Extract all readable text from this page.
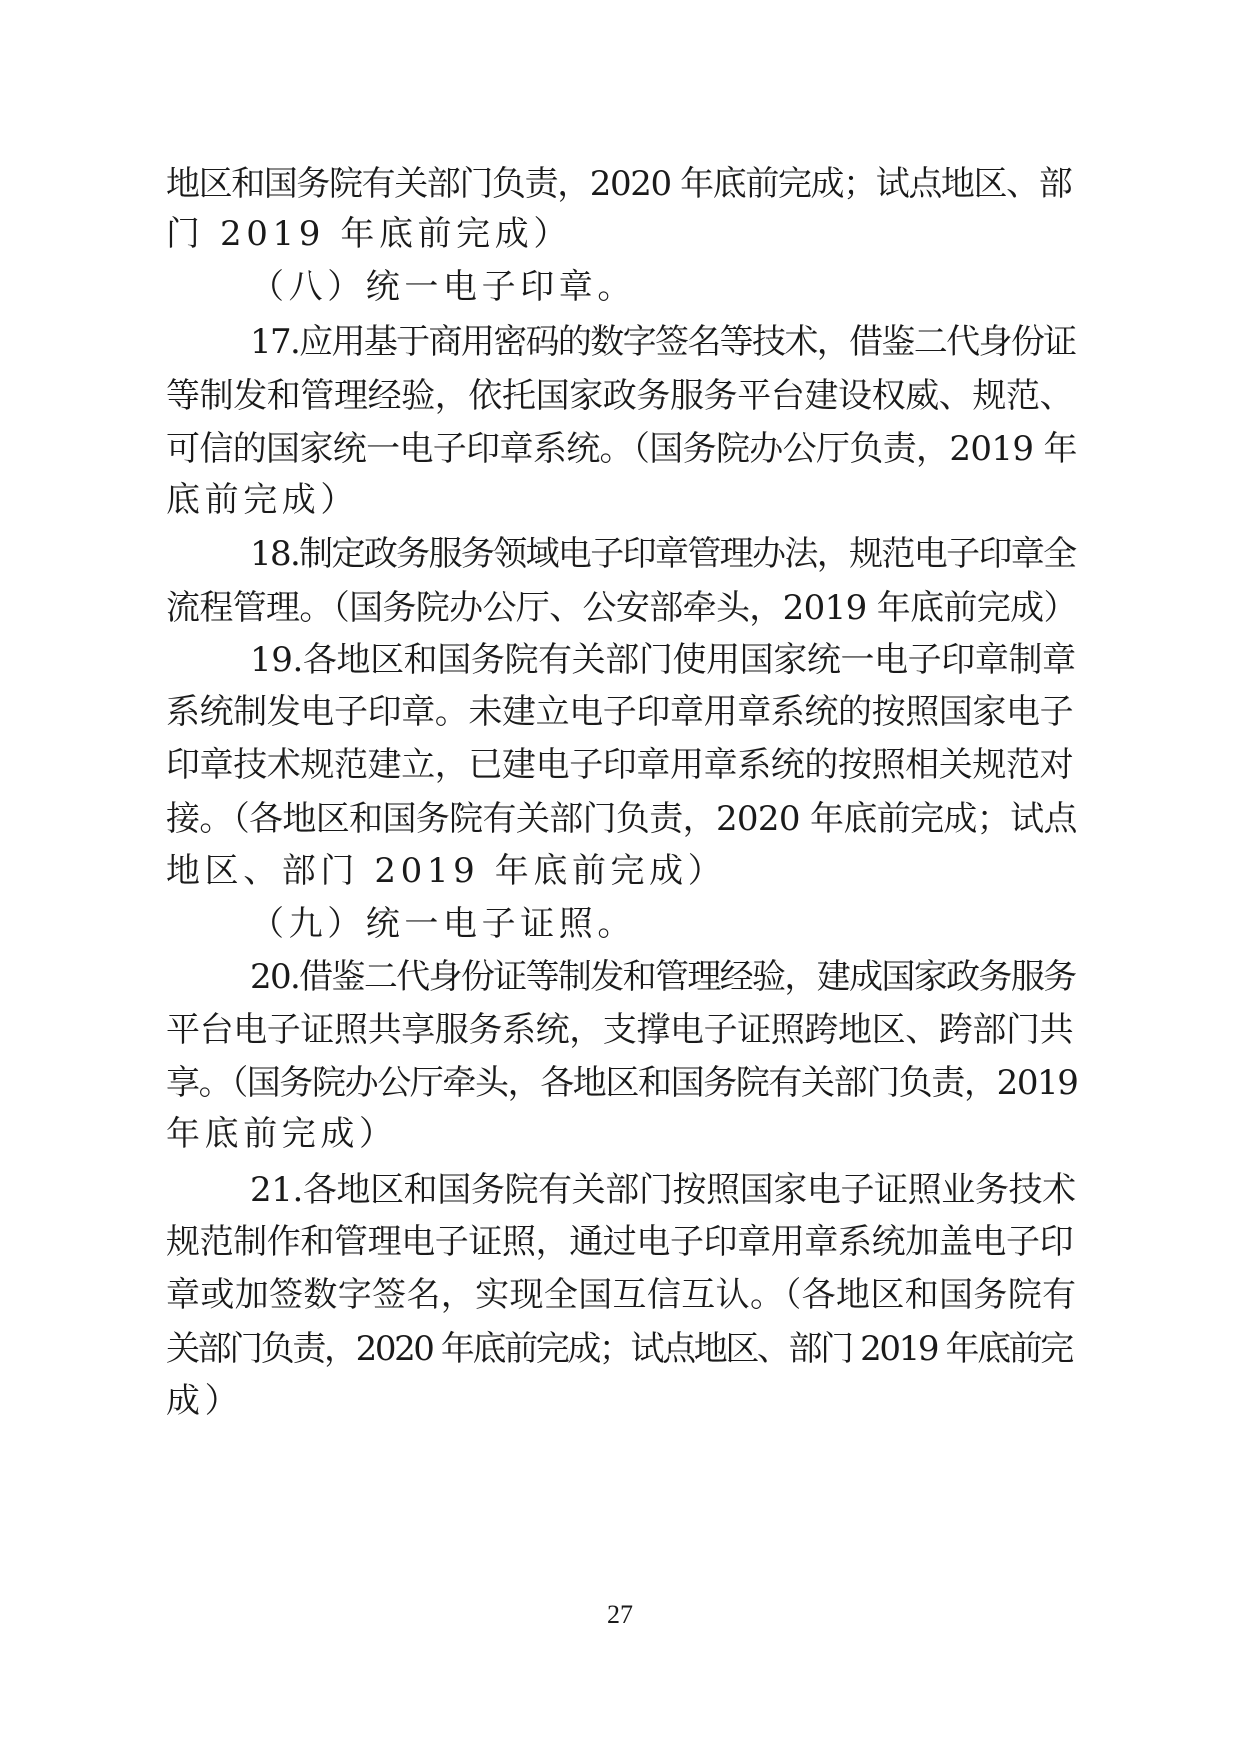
地区和国务院有关部门负责，2020 年底前完成；试点地区、部
门 2019 年底前完成）
（八）统一电子印章。
17.应用基于商用密码的数字签名等技术，借鉴二代身份证
等制发和管理经验，依托国家政务服务平台建设权威、规范、
可信的国家统一电子印章系统。（国务院办公厅负责，2019 年
底前完成）
18.制定政务服务领域电子印章管理办法，规范电子印章全
流程管理。（国务院办公厅、公安部牵头，2019 年底前完成）
19.各地区和国务院有关部门使用国家统一电子印章制章
系统制发电子印章。未建立电子印章用章系统的按照国家电子
印章技术规范建立，已建电子印章用章系统的按照相关规范对
接。（各地区和国务院有关部门负责，2020 年底前完成；试点
地区、部门 2019 年底前完成）
（九）统一电子证照。
20.借鉴二代身份证等制发和管理经验，建成国家政务服务
平台电子证照共享服务系统，支撑电子证照跨地区、跨部门共
享。（国务院办公厅牵头，各地区和国务院有关部门负责，2019
年底前完成）
21.各地区和国务院有关部门按照国家电子证照业务技术
规范制作和管理电子证照，通过电子印章用章系统加盖电子印
章或加签数字签名，实现全国互信互认。（各地区和国务院有
关部门负责，2020 年底前完成；试点地区、部门 2019 年底前完
成）
27
